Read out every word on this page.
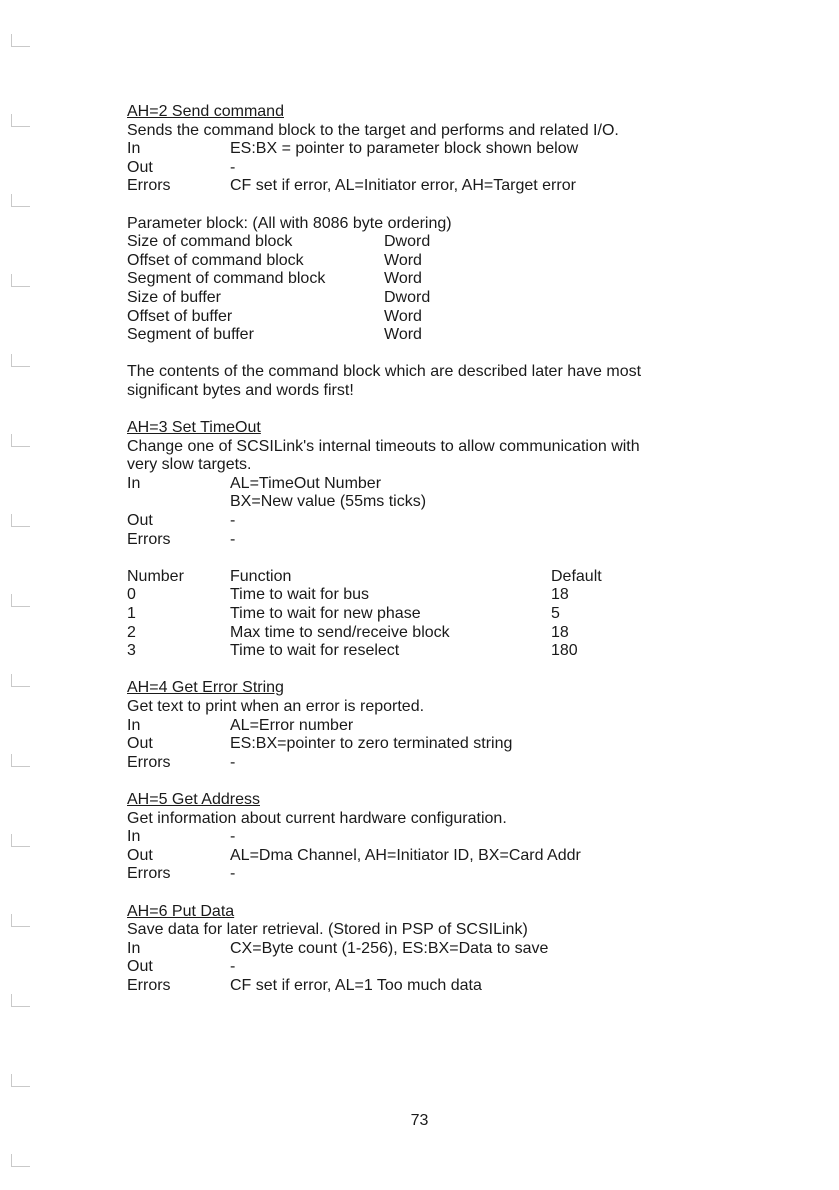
AH=2 Send command
Sends the command block to the target and performs and related I/O.
In	ES:BX = pointer to parameter block shown below
Out	-
Errors	CF set if error, AL=Initiator error, AH=Target error
Parameter block: (All with 8086 byte ordering)
Size of command block	Dword
Offset of command block	Word
Segment of command block	Word
Size of buffer	Dword
Offset of buffer	Word
Segment of buffer	Word
The contents of the command block which are described later have most
significant bytes and words first!
AH=3 Set TimeOut
Change one of SCSILink's internal timeouts to allow communication with
very slow targets.
In	AL=TimeOut Number
BX=New value (55ms ticks)
Out	-
Errors	-
Number	Function	Default
0	Time to wait for bus	18
1	Time to wait for new phase	5
2	Max time to send/receive block	18
3	Time to wait for reselect	180
AH=4 Get Error String
Get text to print when an error is reported.
In	AL=Error number
Out	ES:BX=pointer to zero terminated string
Errors	-
AH=5 Get Address
Get information about current hardware configuration.
In	-
Out	AL=Dma Channel, AH=Initiator ID, BX=Card Addr
Errors	-
AH=6 Put Data
Save data for later retrieval. (Stored in PSP of SCSILink)
In	CX=Byte count (1-256), ES:BX=Data to save
Out	-
Errors	CF set if error, AL=1 Too much data
73
